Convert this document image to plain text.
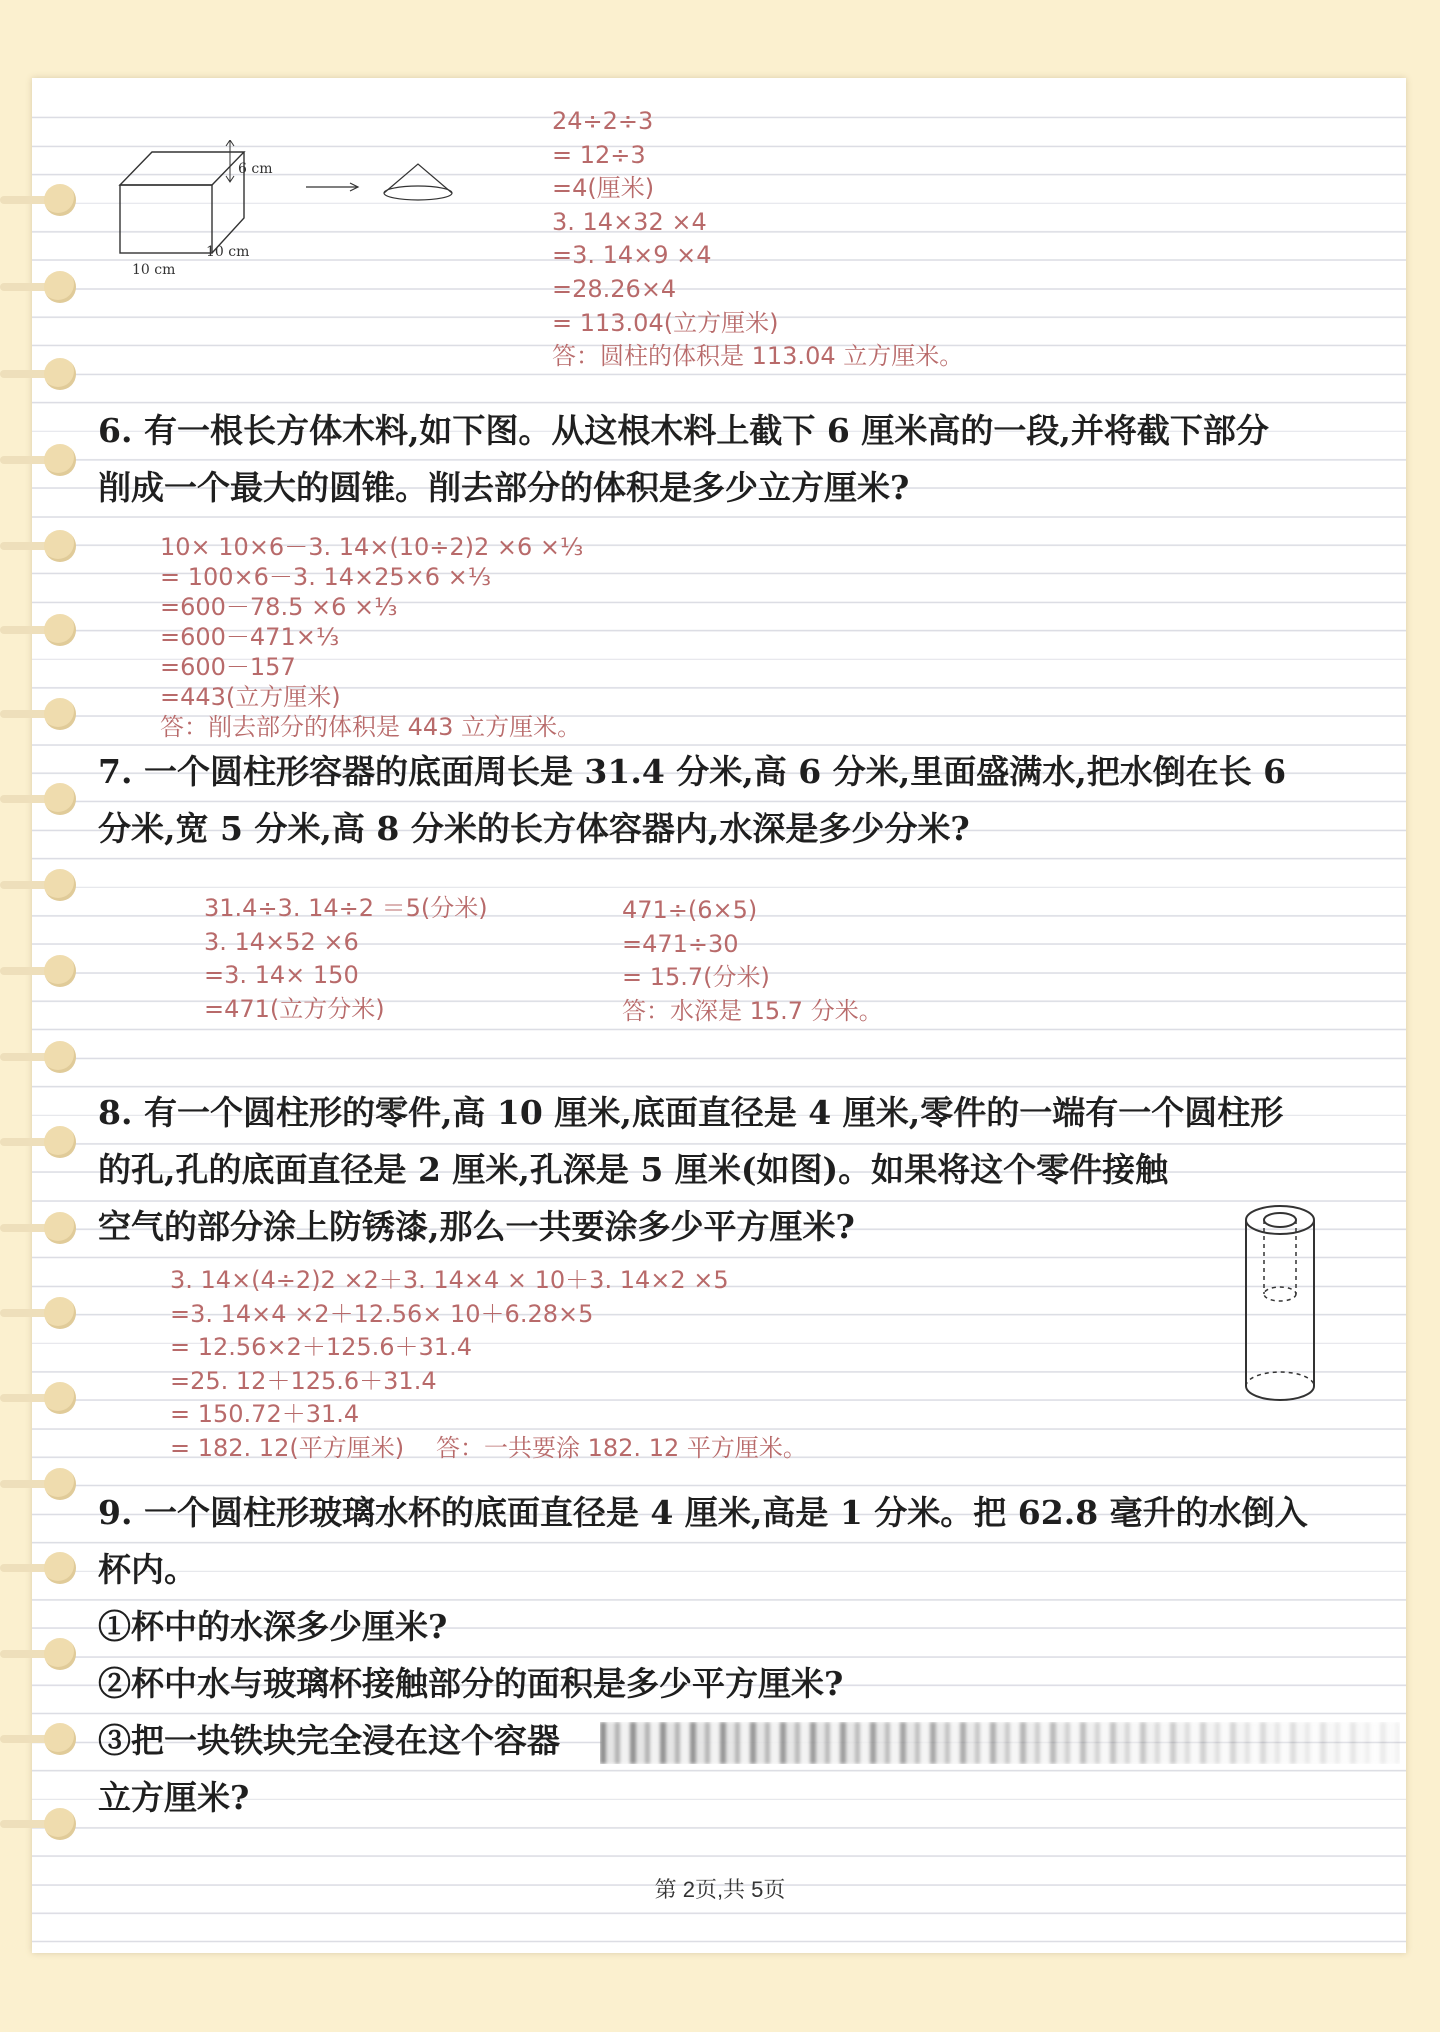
6 cm
10 cm
10 cm
24÷2÷3
= 12÷3
=4(厘米)
3. 14×32 ×4
=3. 14×9 ×4
=28.26×4
= 113.04(立方厘米)
答：圆柱的体积是 113.04 立方厘米。
6. 有一根长方体木料,如下图。从这根木料上截下 6 厘米高的一段,并将截下部分
削成一个最大的圆锥。削去部分的体积是多少立方厘米?
10× 10×6－3. 14×(10÷2)2 ×6 ×⅓
= 100×6－3. 14×25×6 ×⅓
=600－78.5 ×6 ×⅓
=600－471×⅓
=600－157
=443(立方厘米)
答：削去部分的体积是 443 立方厘米。
7. 一个圆柱形容器的底面周长是 31.4 分米,高 6 分米,里面盛满水,把水倒在长 6
分米,宽 5 分米,高 8 分米的长方体容器内,水深是多少分米?
31.4÷3. 14÷2 ＝5(分米)
3. 14×52 ×6
=3. 14× 150
=471(立方分米)
471÷(6×5)
=471÷30
= 15.7(分米)
答：水深是 15.7 分米。
8. 有一个圆柱形的零件,高 10 厘米,底面直径是 4 厘米,零件的一端有一个圆柱形
的孔,孔的底面直径是 2 厘米,孔深是 5 厘米(如图)。如果将这个零件接触
空气的部分涂上防锈漆,那么一共要涂多少平方厘米?
3. 14×(4÷2)2 ×2＋3. 14×4 × 10＋3. 14×2 ×5
=3. 14×4 ×2＋12.56× 10＋6.28×5
= 12.56×2＋125.6＋31.4
=25. 12＋125.6＋31.4
= 150.72＋31.4
= 182. 12(平方厘米)	答：一共要涂 182. 12 平方厘米。
9. 一个圆柱形玻璃水杯的底面直径是 4 厘米,高是 1 分米。把 62.8 毫升的水倒入
杯内。
①杯中的水深多少厘米?
②杯中水与玻璃杯接触部分的面积是多少平方厘米?
③把一块铁块完全浸在这个容器
立方厘米?
第 2页,共 5页
